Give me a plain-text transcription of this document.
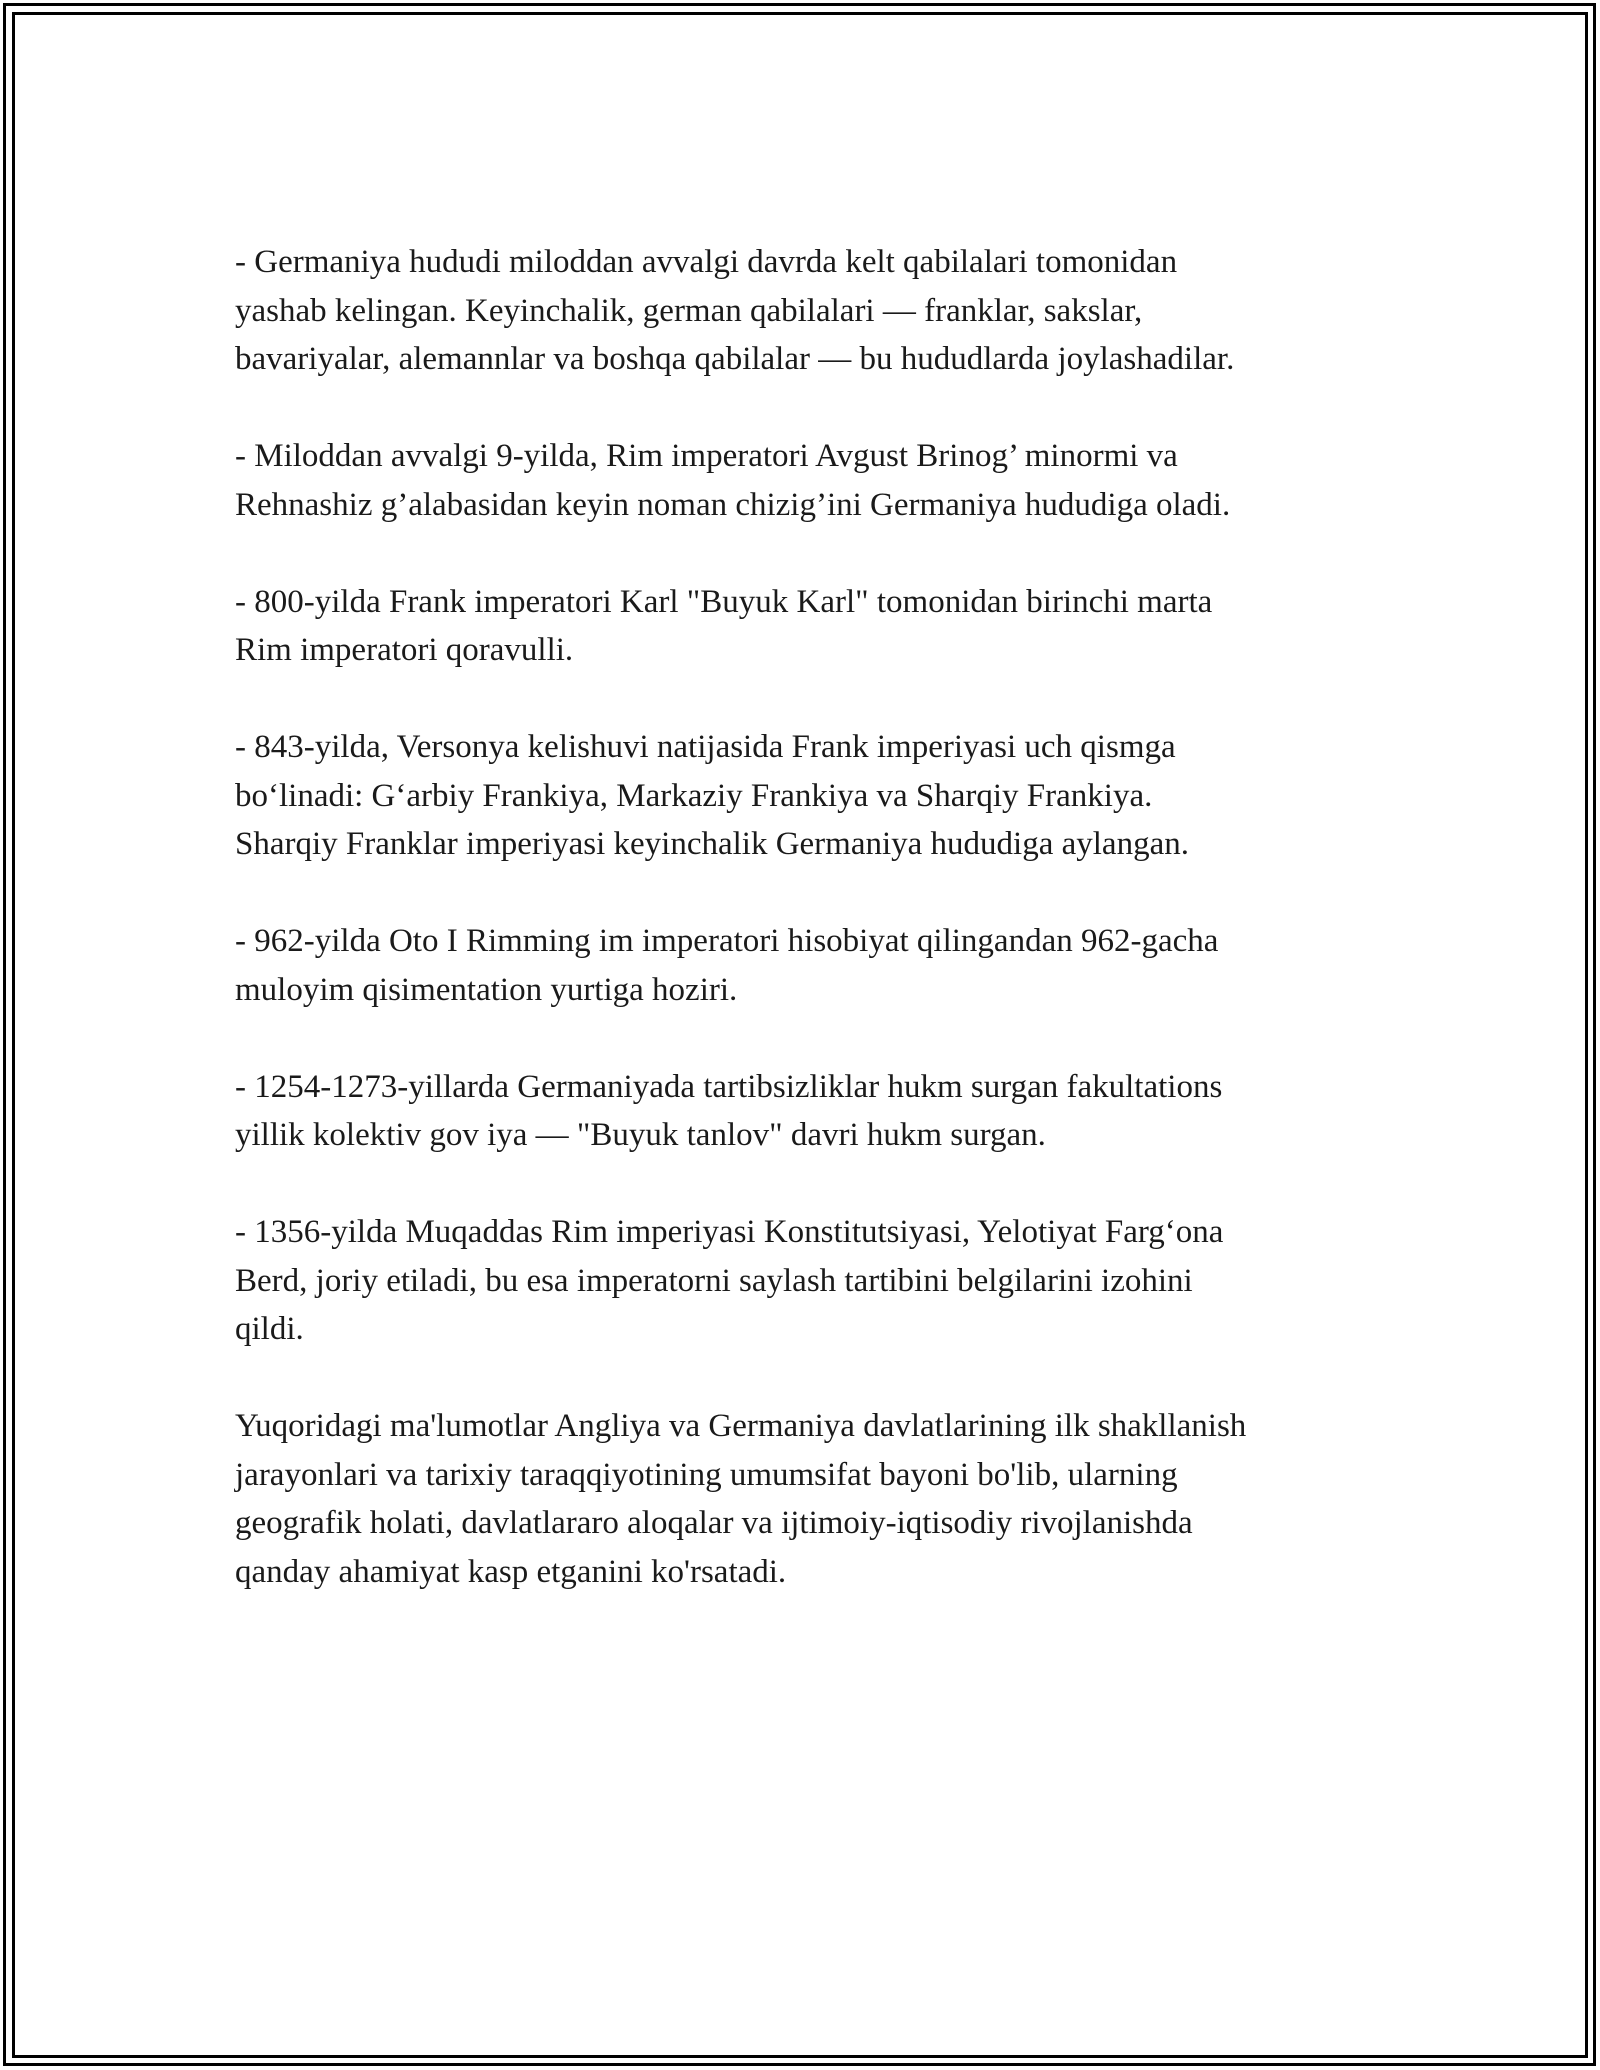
- Germaniya hududi miloddan avvalgi davrda kelt qabilalari tomonidan
yashab kelingan. Keyinchalik, german qabilalari — franklar, sakslar,
bavariyalar, alemannlar va boshqa qabilalar — bu hududlarda joylashadilar.

- Miloddan avvalgi 9-yilda, Rim imperatori Avgust Brinog’ minormi va
Rehnashiz g’alabasidan keyin noman chizig’ini Germaniya hududiga oladi.

- 800-yilda Frank imperatori Karl "Buyuk Karl" tomonidan birinchi marta
Rim imperatori qoravulli.

- 843-yilda, Versonya kelishuvi natijasida Frank imperiyasi uch qismga
bo‘linadi: G‘arbiy Frankiya, Markaziy Frankiya va Sharqiy Frankiya.
Sharqiy Franklar imperiyasi keyinchalik Germaniya hududiga aylangan.

- 962-yilda Oto I Rimming im imperatori hisobiyat qilingandan 962-gacha
muloyim qisimentation yurtiga hoziri.

- 1254-1273-yillarda Germaniyada tartibsizliklar hukm surgan fakultations
yillik kolektiv gov iya — "Buyuk tanlov" davri hukm surgan.

- 1356-yilda Muqaddas Rim imperiyasi Konstitutsiyasi, Yelotiyat Farg‘ona
Berd, joriy etiladi, bu esa imperatorni saylash tartibini belgilarini izohini
qildi.

Yuqoridagi ma'lumotlar Angliya va Germaniya davlatlarining ilk shakllanish
jarayonlari va tarixiy taraqqiyotining umumsifat bayoni bo'lib, ularning
geografik holati, davlatlararo aloqalar va ijtimoiy-iqtisodiy rivojlanishda
qanday ahamiyat kasp etganini ko'rsatadi.
